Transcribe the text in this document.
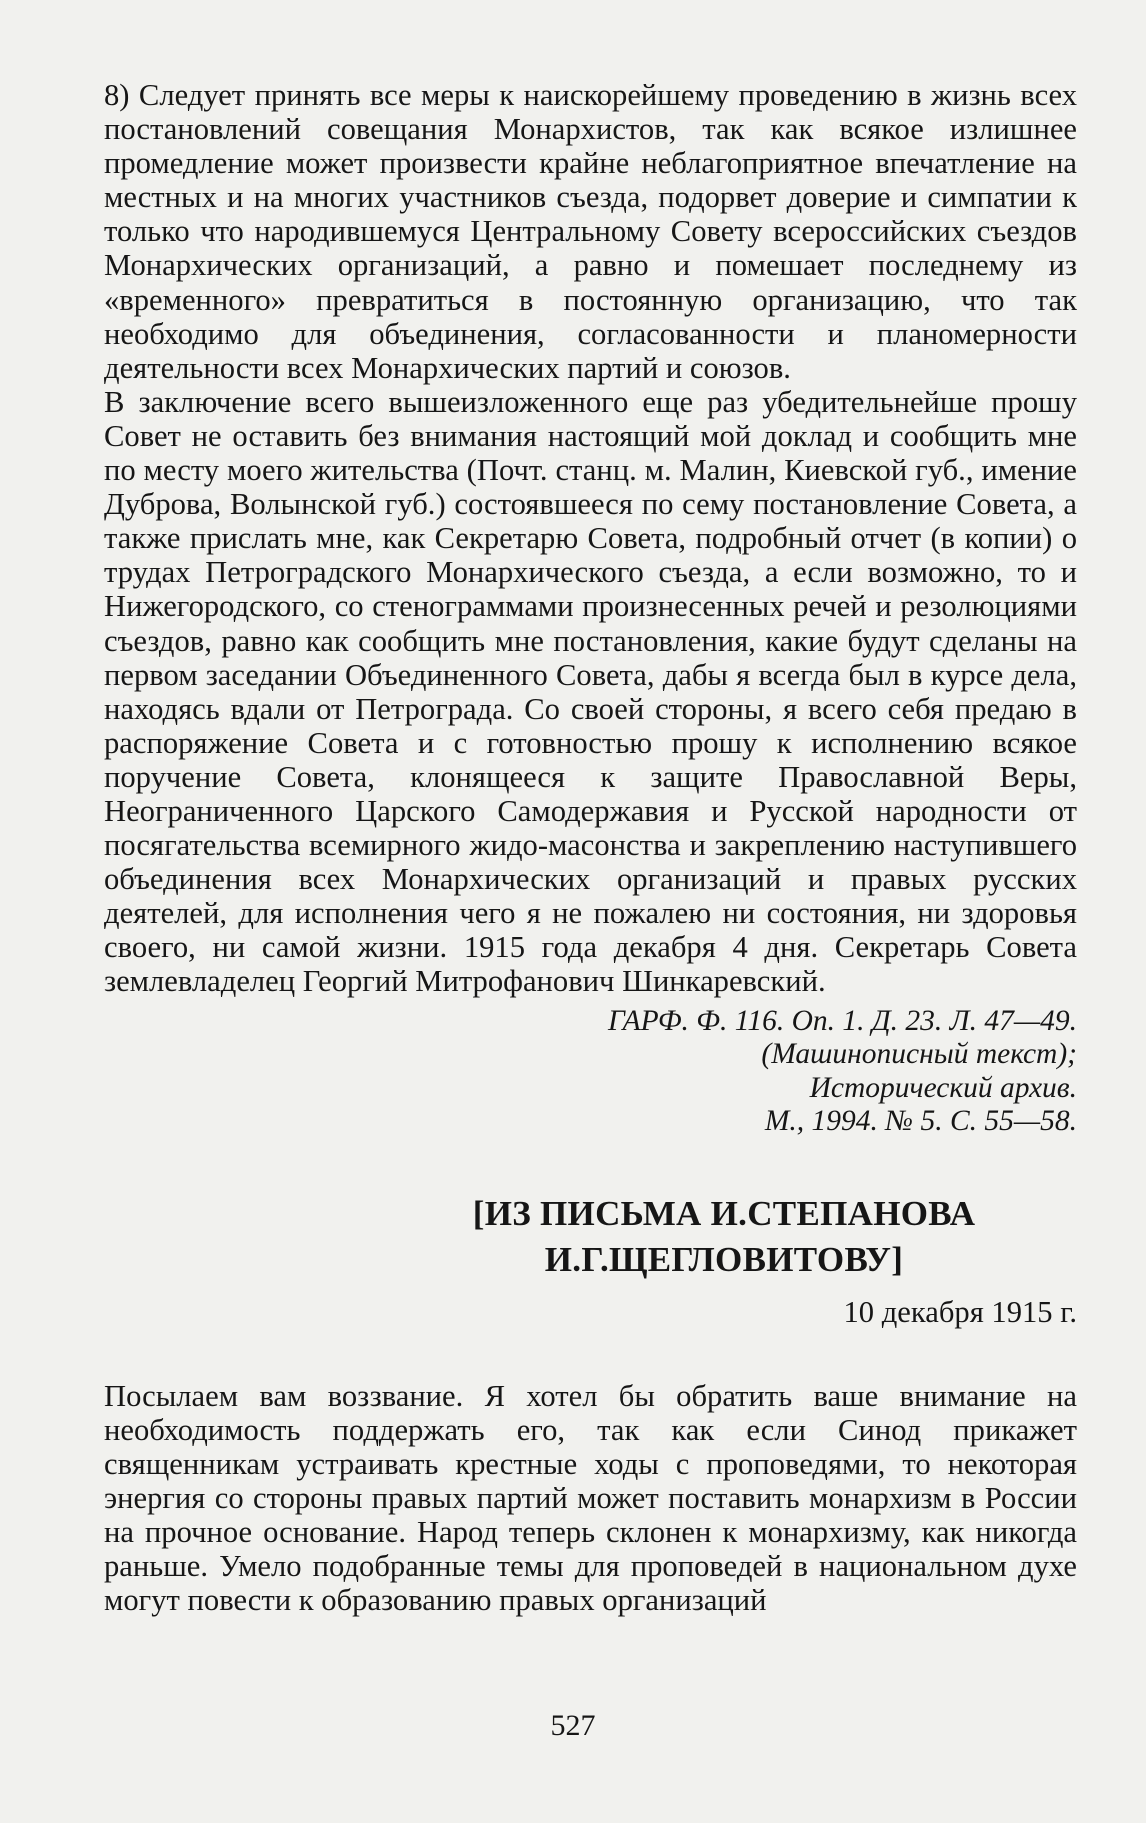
8) Следует принять все меры к наискорейшему проведению в жизнь всех постановлений совещания Монархистов, так как всякое излишнее промедление может произвести крайне неблагоприятное впечатление на местных и на многих участников съезда, подорвет доверие и симпатии к только что народившемуся Центральному Совету всероссийских съездов Монархических организаций, а равно и помешает последнему из «временного» превратиться в постоянную организацию, что так необходимо для объединения, согласованности и планомерности деятельности всех Монархических партий и союзов.

В заключение всего вышеизложенного еще раз убедительнейше прошу Совет не оставить без внимания настоящий мой доклад и сообщить мне по месту моего жительства (Почт. станц. м. Малин, Киевской губ., имение Дуброва, Волынской губ.) состоявшееся по сему постановление Совета, а также прислать мне, как Секретарю Совета, подробный отчет (в копии) о трудах Петроградского Монархического съезда, а если возможно, то и Нижегородского, со стенограммами произнесенных речей и резолюциями съездов, равно как сообщить мне постановления, какие будут сделаны на первом заседании Объединенного Совета, дабы я всегда был в курсе дела, находясь вдали от Петрограда. Со своей стороны, я всего себя предаю в распоряжение Совета и с готовностью прошу к исполнению всякое поручение Совета, клонящееся к защите Православной Веры, Неограниченного Царского Самодержавия и Русской народности от посягательства всемирного жидо-масонства и закреплению наступившего объединения всех Монархических организаций и правых русских деятелей, для исполнения чего я не пожалею ни состояния, ни здоровья своего, ни самой жизни. 1915 года декабря 4 дня. Секретарь Совета землевладелец Георгий Митрофанович Шинкаревский.

ГАРФ. Ф. 116. Оп. 1. Д. 23. Л. 47—49.
(Машинописный текст);
Исторический архив.
М., 1994. № 5. С. 55—58.
[ИЗ ПИСЬМА И.СТЕПАНОВА
И.Г.ЩЕГЛОВИТОВУ]
10 декабря 1915 г.

Посылаем вам воззвание. Я хотел бы обратить ваше внимание на необходимость поддержать его, так как если Синод прикажет священникам устраивать крестные ходы с проповедями, то некоторая энергия со стороны правых партий может поставить монархизм в России на прочное основание. Народ теперь склонен к монархизму, как никогда раньше. Умело подобранные темы для проповедей в национальном духе могут повести к образованию правых организаций

527
